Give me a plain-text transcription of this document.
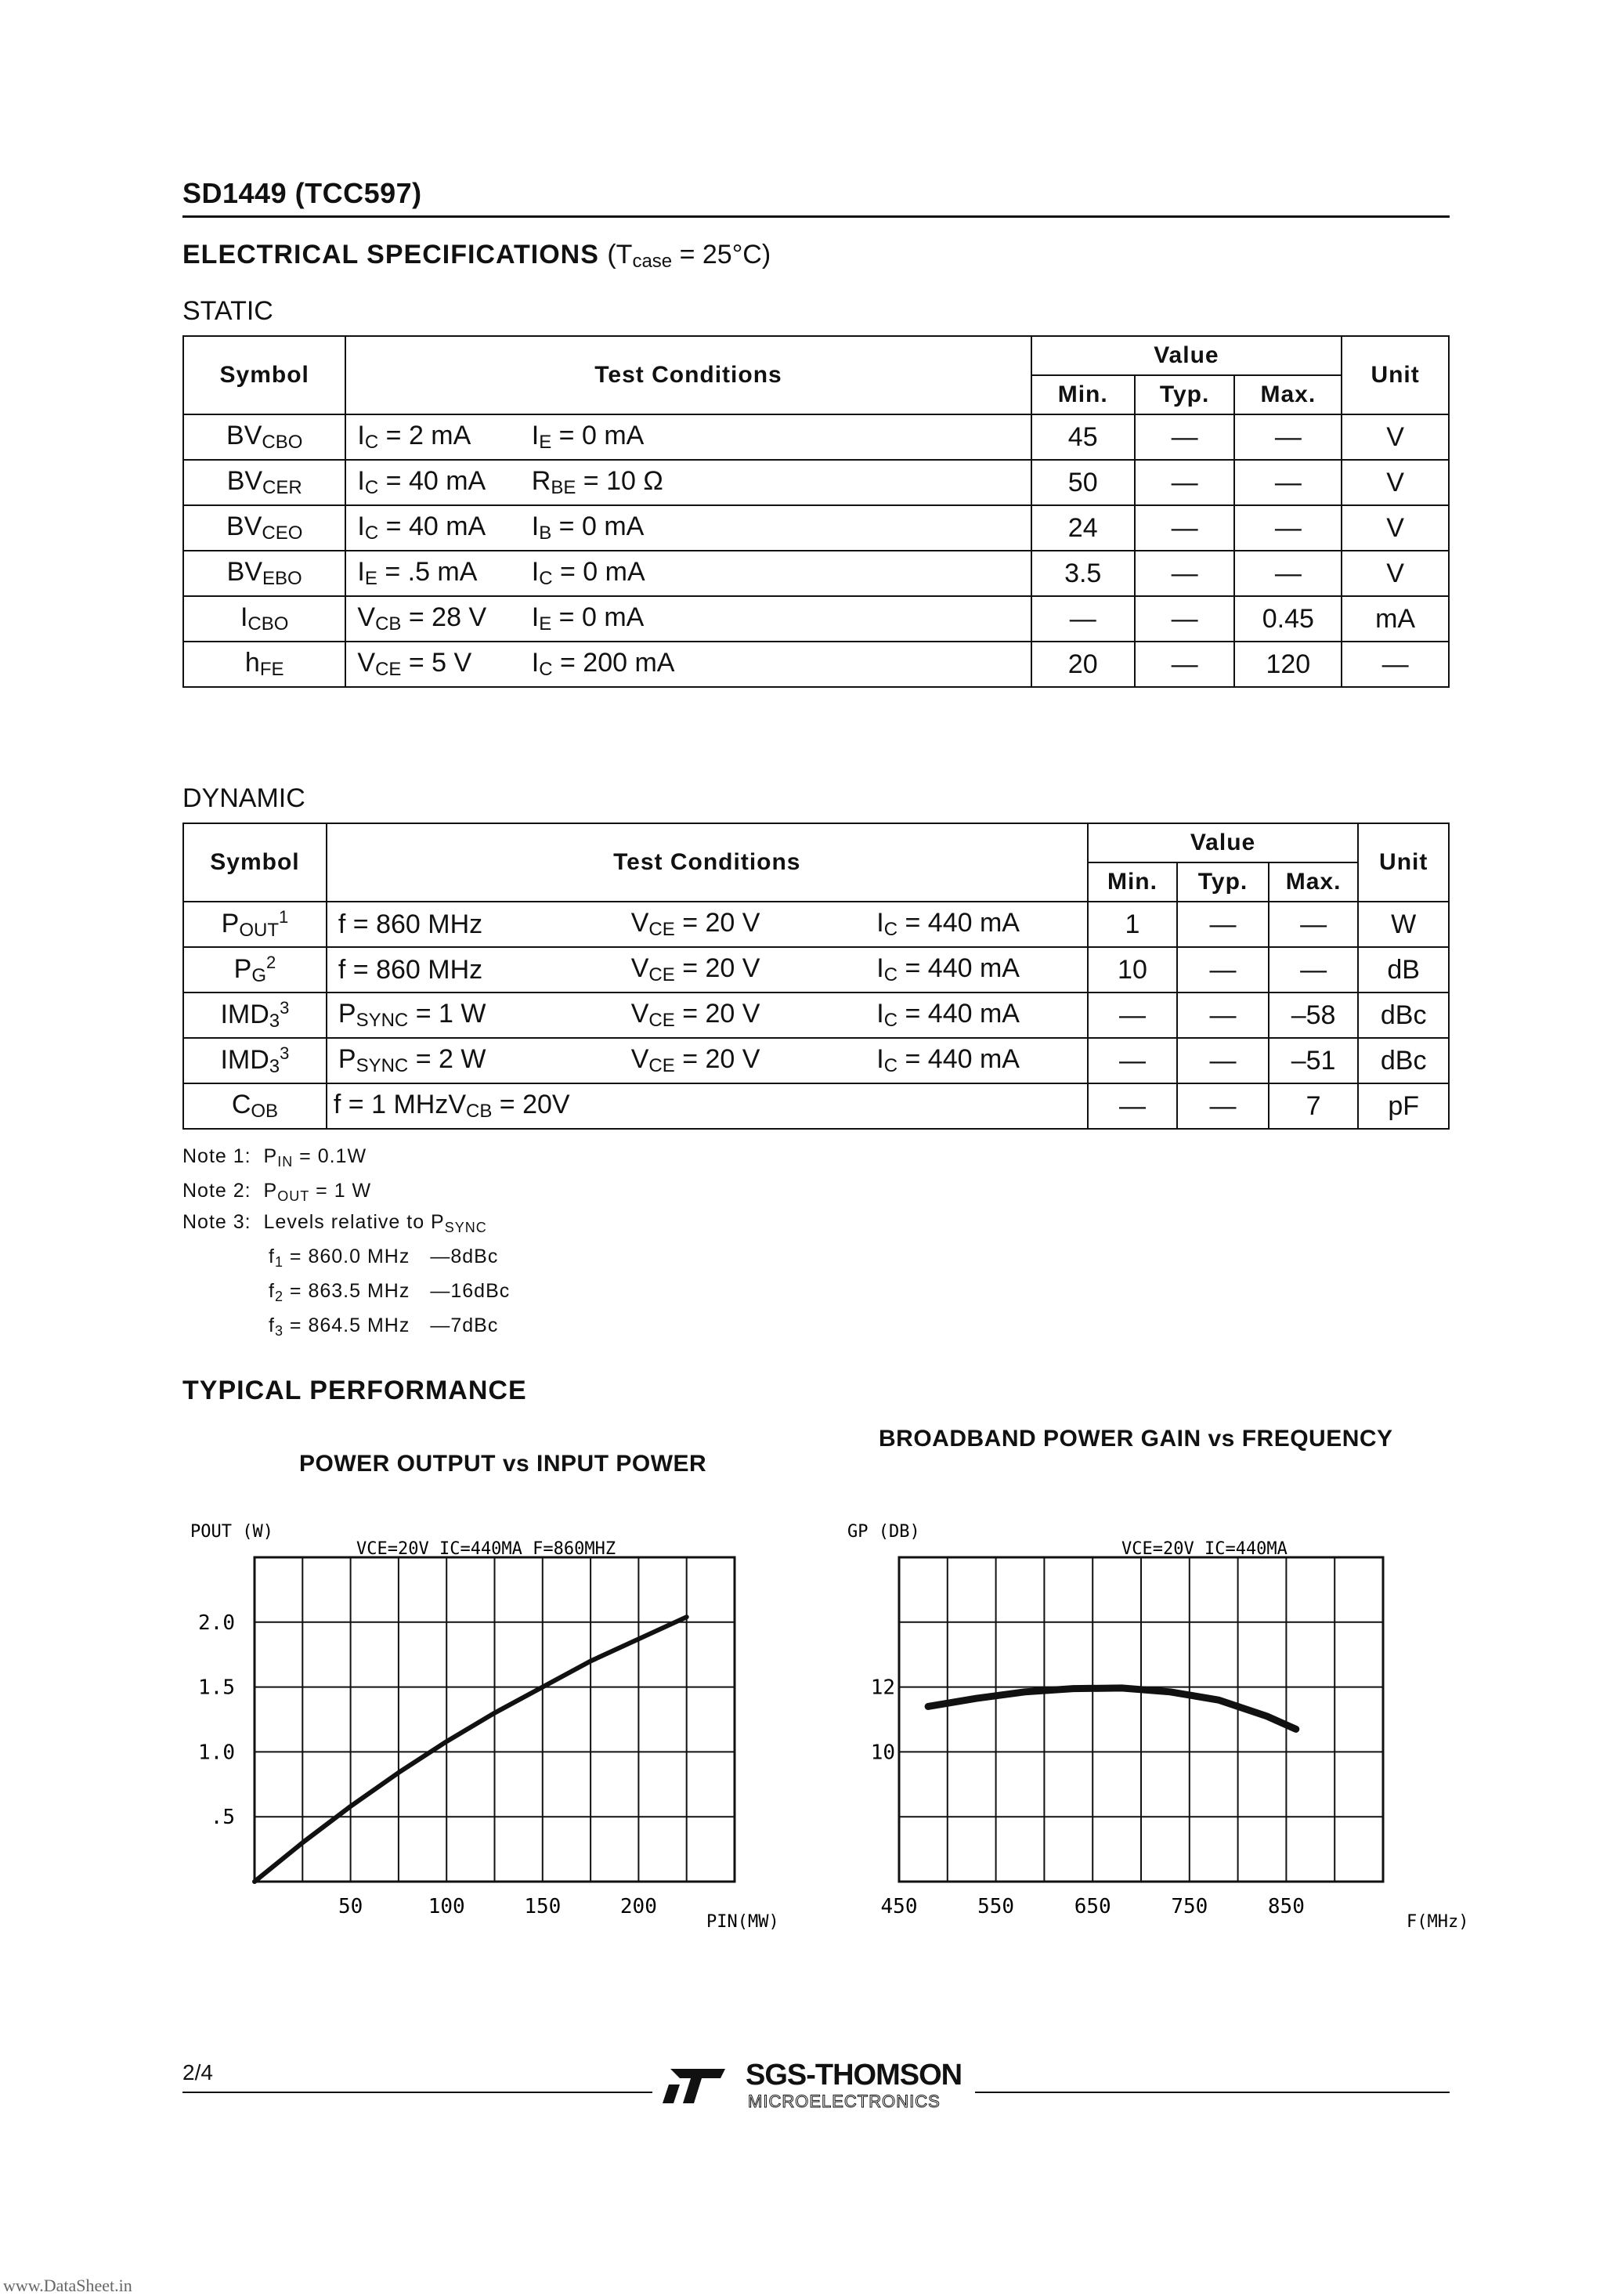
SD1449 (TCC597)
ELECTRICAL SPECIFICATIONS $(T_{case} = 25^\circ C)$
STATIC
Symbol	Test Conditions		Value			Unit
			Min.	Typ.	Max.	
$BV_{CBO}$	$I_C = 2$ mA	$I_E = 0$ mA	45	—	—	V
$BV_{CER}$	$I_C = 40$ mA	$R_{BE} = 10$ Ω	50	—	—	V
$BV_{CEO}$	$I_C = 40$ mA	$I_B = 0$ mA	24	—	—	V
$BV_{EBO}$	$I_E = .5$ mA	$I_C = 0$ mA	3.5	—	—	V
$I_{CBO}$	$V_{CB} = 28$ V	$I_E = 0$ mA	—	—	0.45	mA
$h_{FE}$	$V_{CE} = 5$ V	$I_C = 200$ mA	20	—	120	—
DYNAMIC
Symbol	Test Conditions			Value			Unit
				Min.	Typ.	Max.	
$P_{OUT}^1$	f = 860 MHz	$V_{CE} = 20$ V	$I_C = 440$ mA	1	—	—	W
$P_G^2$	f = 860 MHz	$V_{CE} = 20$ V	$I_C = 440$ mA	10	—	—	dB
$IMD_3^3$	$P_{SYNC} = 1$ W	$V_{CE} = 20$ V	$I_C = 440$ mA	—	—	–58	dBc
$IMD_3^3$	$P_{SYNC} = 2$ W	$V_{CE} = 20$ V	$I_C = 440$ mA	—	—	–51	dBc
$C_{OB}$	f = 1 MHzV$_{CB}$ = 20V			—	—	7	pF
Note 1: $P_{IN} = 0.1W$
Note 2: $P_{OUT} = 1$ W
Note 3: Levels relative to $P_{SYNC}$
$f_1 = 860.0$ MHz —8dBc
$f_2 = 863.5$ MHz —16dBc
$f_3 = 864.5$ MHz —7dBc
TYPICAL PERFORMANCE
POWER OUTPUT vs INPUT POWER
BROADBAND POWER GAIN vs FREQUENCY
50	100	150	200
.5
1.0
1.5
2.0
POUT (W)
PIN(MW)
VCE=20V IC=440MA F=860MHZ
450	550	650	750	850
10
12
GP (DB)
F(MHz)
VCE=20V IC=440MA
2/4	SGS-THOMSON
MICROELECTRONICS
www.DataSheet.in
